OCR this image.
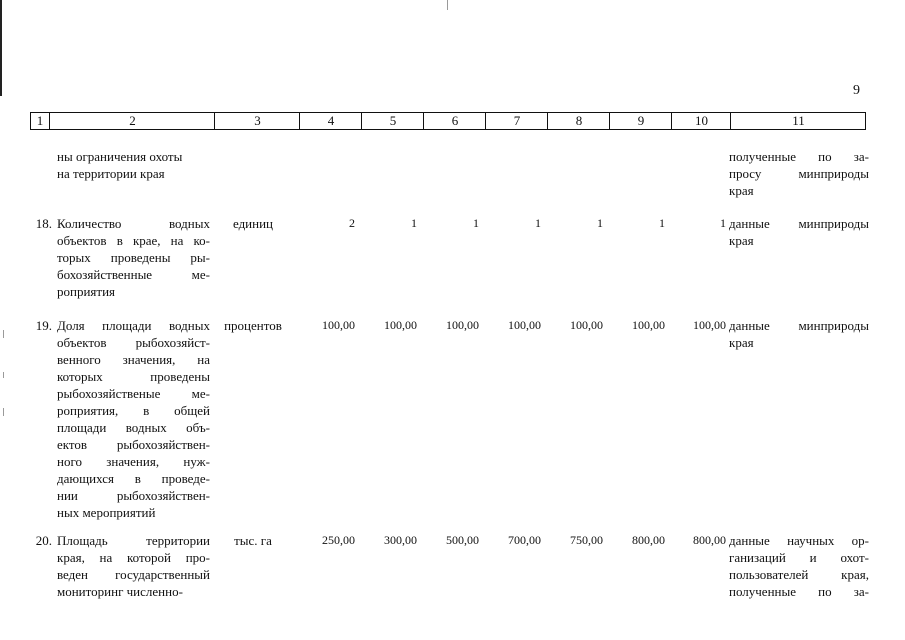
9
1	2	3	4	5	6	7	8	9	10	11
ны ограничения охоты
на территории края
полученные по за-
просу минприроды
края
18. Количество водных
объектов в крае, на ко-
торых проведены ры-
бохозяйственные ме-
роприятия
единиц	2	1	1	1	1	1	1 данные минприроды
края
19. Доля площади водных
объектов рыбохозяйст-
венного значения, на
которых проведены
рыбохозяйственые ме-
роприятия, в общей
площади водных объ-
ектов рыбохозяйствен-
ного значения, нуж-
дающихся в проведе-
нии рыбохозяйствен-
ных мероприятий
процентов	100,00	100,00	100,00	100,00	100,00	100,00	100,00 данные минприроды
края
20. Площадь территории
края, на которой про-
веден государственный
мониторинг численно-
тыс. га	250,00	300,00	500,00	700,00	750,00	800,00	800,00 данные научных ор-
ганизаций и охот-
пользователей края,
полученные по за-
